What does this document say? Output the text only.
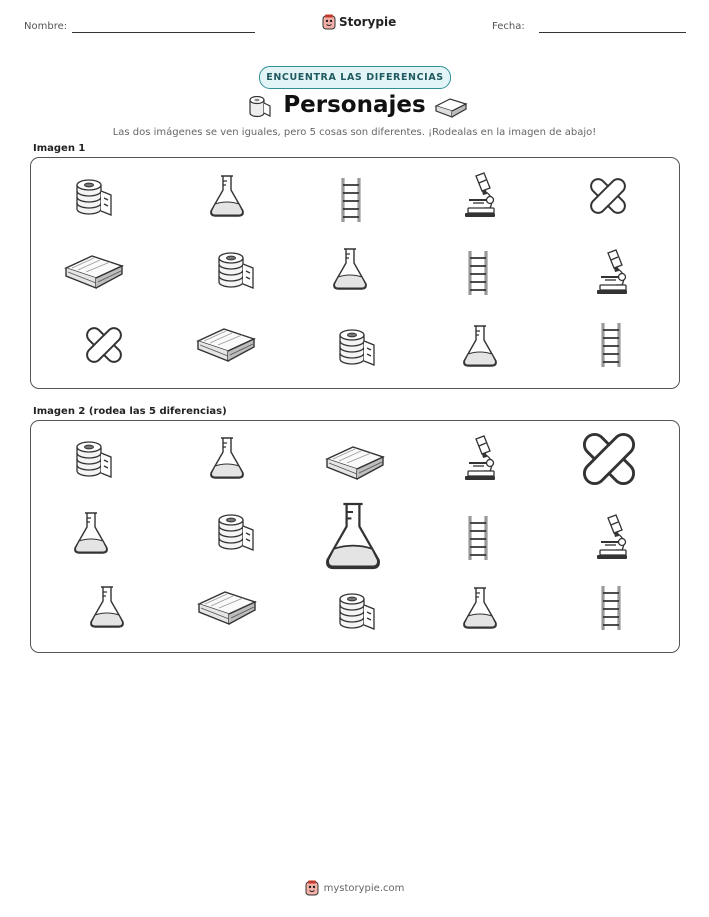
Nombre:	Storypie	Fecha:
ENCUENTRA LAS DIFERENCIAS
Personajes
Las dos imágenes se ven iguales, pero 5 cosas son diferentes. ¡Rodealas en la imagen de abajo!
Imagen 1
Imagen 2 (rodea las 5 diferencias)
mystorypie.com
